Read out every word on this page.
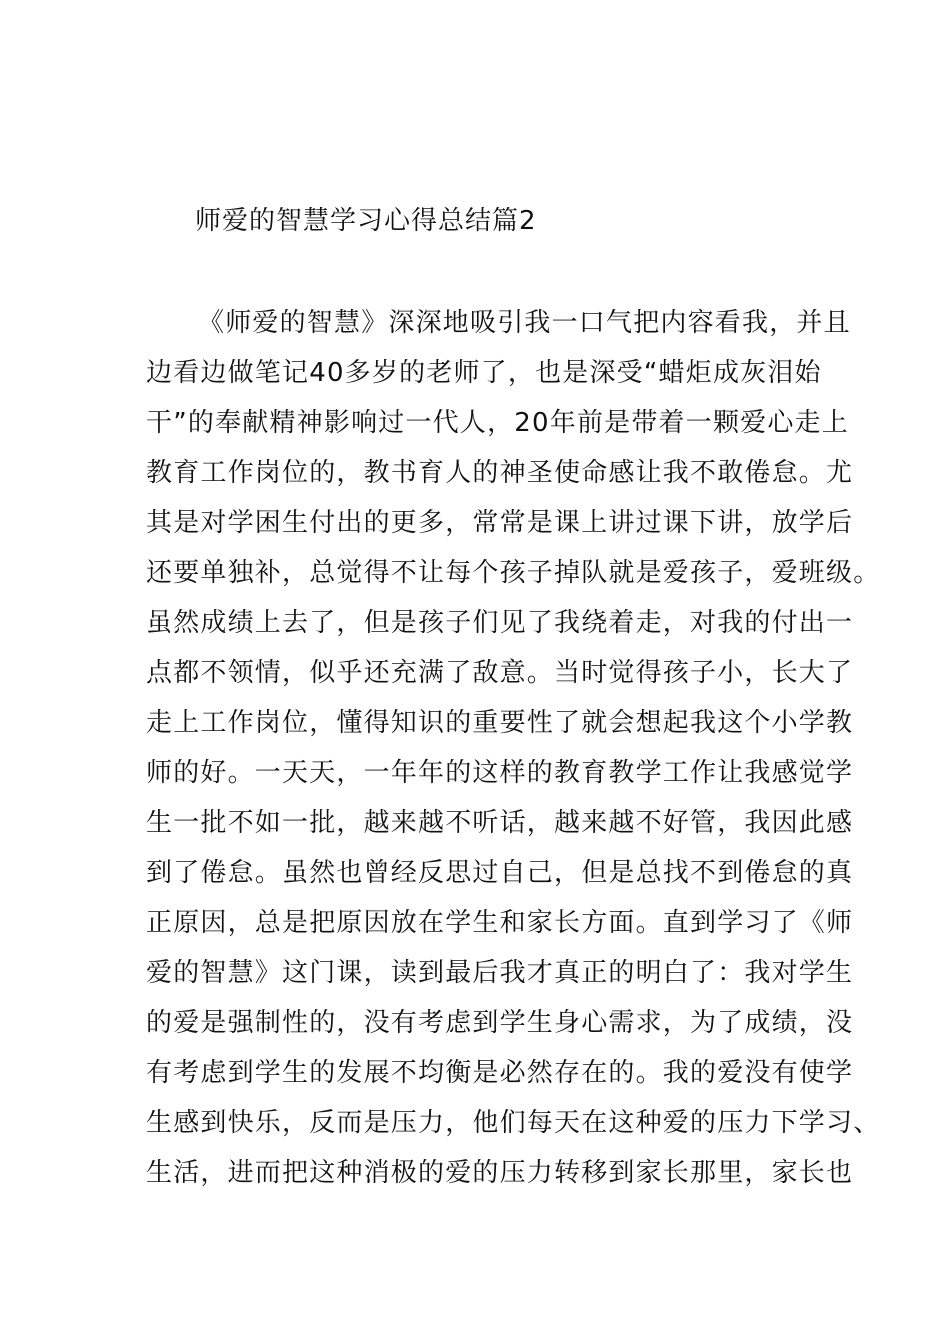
师爱的智慧学习心得总结篇2
《师爱的智慧》深深地吸引我一口气把内容看我，并且
边看边做笔记40多岁的老师了，也是深受“蜡炬成灰泪始
干”的奉献精神影响过一代人，20年前是带着一颗爱心走上
教育工作岗位的，教书育人的神圣使命感让我不敢倦怠。尤
其是对学困生付出的更多，常常是课上讲过课下讲，放学后
还要单独补，总觉得不让每个孩子掉队就是爱孩子，爱班级。
虽然成绩上去了，但是孩子们见了我绕着走，对我的付出一
点都不领情，似乎还充满了敌意。当时觉得孩子小，长大了
走上工作岗位，懂得知识的重要性了就会想起我这个小学教
师的好。一天天，一年年的这样的教育教学工作让我感觉学
生一批不如一批，越来越不听话，越来越不好管，我因此感
到了倦怠。虽然也曾经反思过自己，但是总找不到倦怠的真
正原因，总是把原因放在学生和家长方面。直到学习了《师
爱的智慧》这门课，读到最后我才真正的明白了：我对学生
的爱是强制性的，没有考虑到学生身心需求，为了成绩，没
有考虑到学生的发展不均衡是必然存在的。我的爱没有使学
生感到快乐，反而是压力，他们每天在这种爱的压力下学习、
生活，进而把这种消极的爱的压力转移到家长那里，家长也
